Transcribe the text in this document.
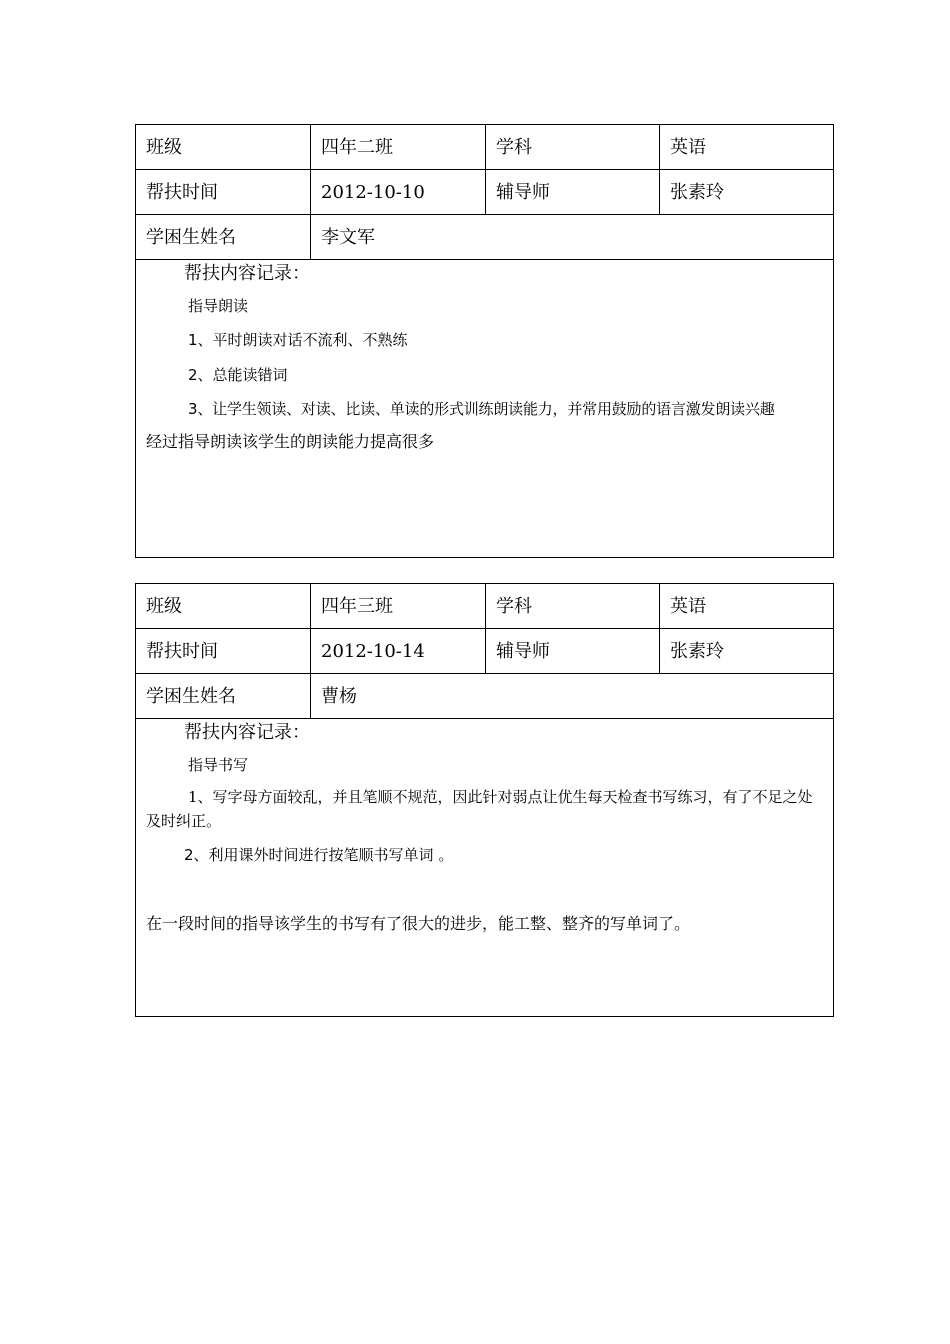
班级	四年二班	学科	英语
帮扶时间	2012-10-10	辅导师	张素玲
学困生姓名	李文军
帮扶内容记录：
指导朗读
1、平时朗读对话不流利、不熟练
2、总能读错词
3、让学生领读、对读、比读、单读的形式训练朗读能力，并常用鼓励的语言激发朗读兴趣
经过指导朗读该学生的朗读能力提高很多
班级	四年三班	学科	英语
帮扶时间	2012-10-14	辅导师	张素玲
学困生姓名	曹杨
帮扶内容记录：
指导书写
1、写字母方面较乱，并且笔顺不规范，因此针对弱点让优生每天检查书写练习，有了不足之处及时纠正。
2、利用课外时间进行按笔顺书写单词 。
在一段时间的指导该学生的书写有了很大的进步，能工整、整齐的写单词了。
